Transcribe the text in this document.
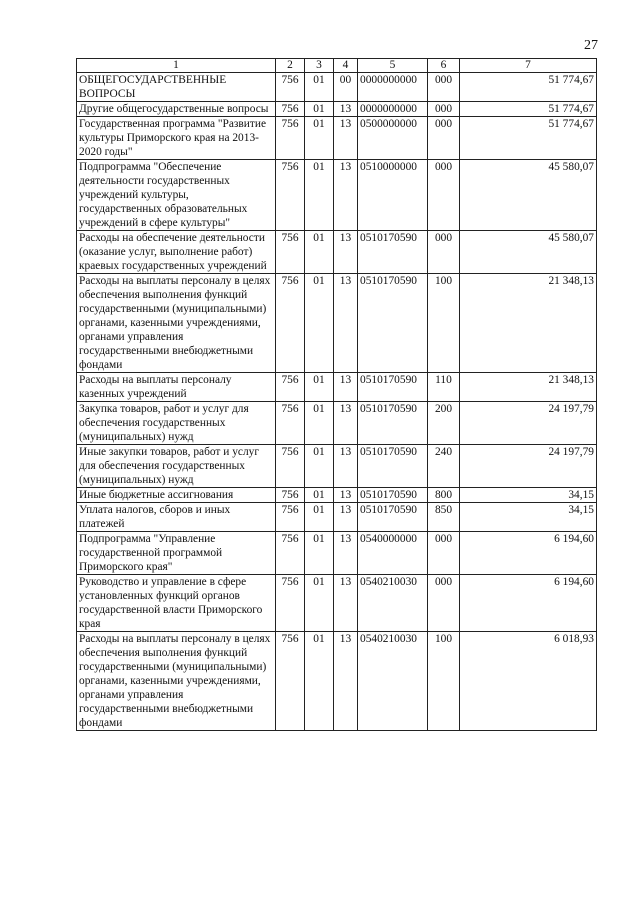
27
1	2	3	4	5	6	7
ОБЩЕГОСУДАРСТВЕННЫЕ ВОПРОСЫ	756	01	00	0000000000	000	51 774,67
Другие общегосударственные вопросы	756	01	13	0000000000	000	51 774,67
Государственная программа "Развитие культуры Приморского края на 2013-2020 годы"	756	01	13	0500000000	000	51 774,67
Подпрограмма "Обеспечение деятельности государственных учреждений культуры, государственных образовательных учреждений в сфере культуры"	756	01	13	0510000000	000	45 580,07
Расходы на обеспечение деятельности (оказание услуг, выполнение работ) краевых государственных учреждений	756	01	13	0510170590	000	45 580,07
Расходы на выплаты персоналу в целях обеспечения выполнения функций государственными (муниципальными) органами, казенными учреждениями, органами управления государственными внебюджетными фондами	756	01	13	0510170590	100	21 348,13
Расходы на выплаты персоналу казенных учреждений	756	01	13	0510170590	110	21 348,13
Закупка товаров, работ и услуг для обеспечения государственных (муниципальных) нужд	756	01	13	0510170590	200	24 197,79
Иные закупки товаров, работ и услуг для обеспечения государственных (муниципальных) нужд	756	01	13	0510170590	240	24 197,79
Иные бюджетные ассигнования	756	01	13	0510170590	800	34,15
Уплата налогов, сборов и иных платежей	756	01	13	0510170590	850	34,15
Подпрограмма "Управление государственной программой Приморского края"	756	01	13	0540000000	000	6 194,60
Руководство и управление в сфере установленных функций органов государственной власти Приморского края	756	01	13	0540210030	000	6 194,60
Расходы на выплаты персоналу в целях обеспечения выполнения функций государственными (муниципальными) органами, казенными учреждениями, органами управления государственными внебюджетными фондами	756	01	13	0540210030	100	6 018,93
